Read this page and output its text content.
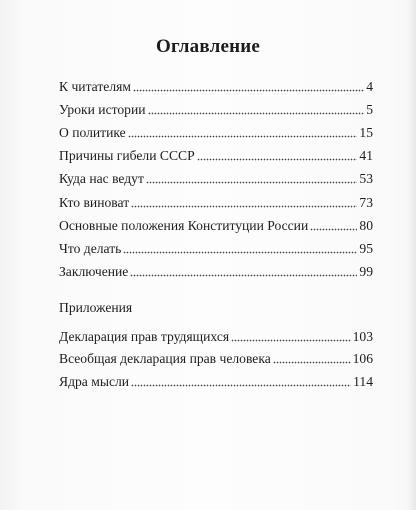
Оглавление
К читателям	4
Уроки истории	5
О политике	15
Причины гибели СССР	41
Куда нас ведут	53
Кто виноват	73
Основные положения Конституции России	80
Что делать	95
Заключение	99
Приложения
Декларация прав трудящихся	103
Всеобщая декларация прав человека	106
Ядра мысли	114
